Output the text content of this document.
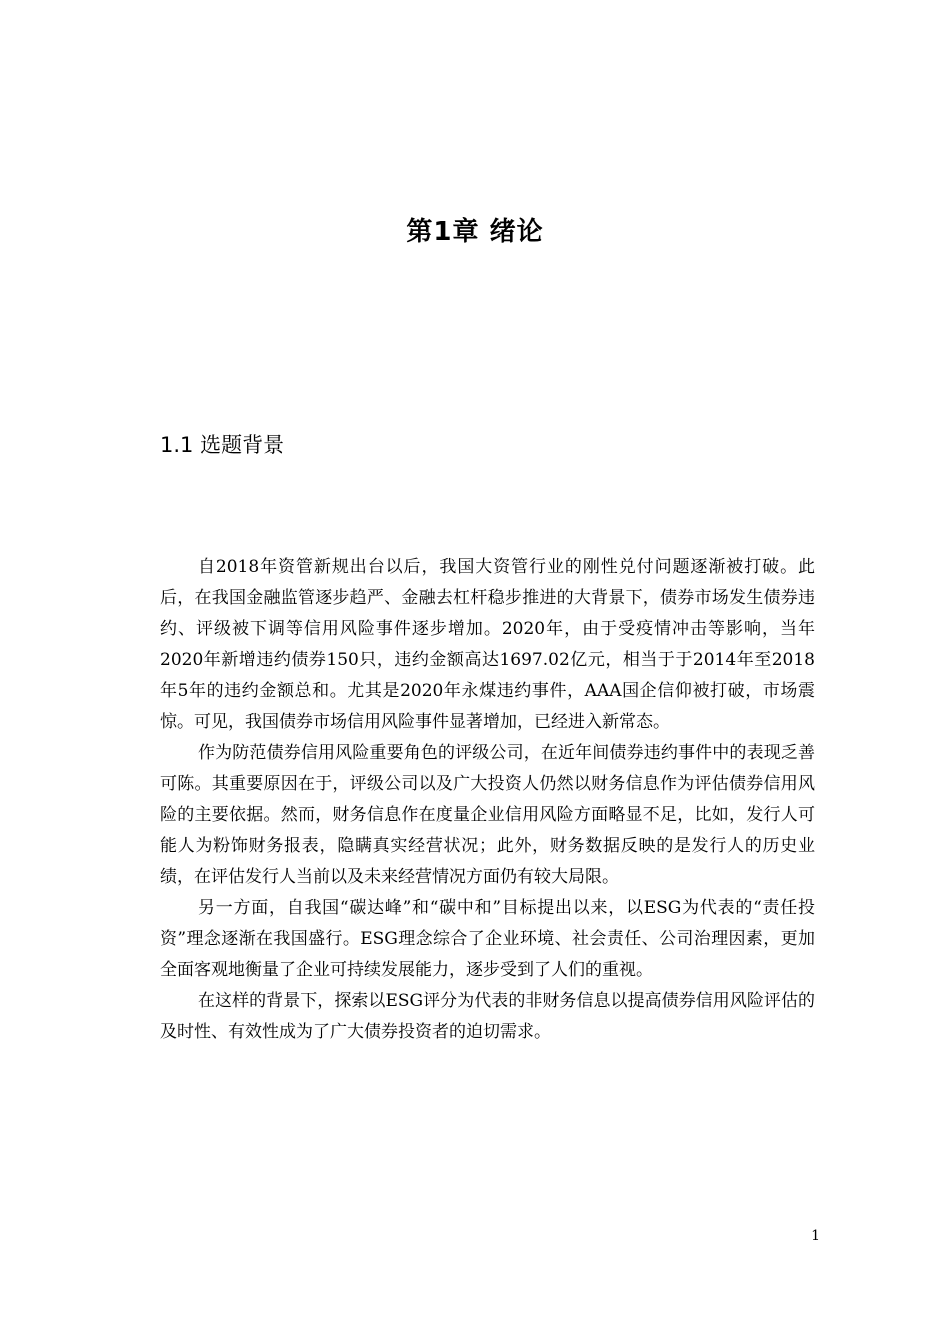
第1章 绪论
1.1 选题背景

自2018年资管新规出台以后，我国大资管行业的刚性兑付问题逐渐被打破。此后，在我国金融监管逐步趋严、金融去杠杆稳步推进的大背景下，债券市场发生债券违约、评级被下调等信用风险事件逐步增加。2020年，由于受疫情冲击等影响，当年2020年新增违约债券150只，违约金额高达1697.02亿元，相当于于2014年至2018年5年的违约金额总和。尤其是2020年永煤违约事件，AAA国企信仰被打破，市场震惊。可见，我国债券市场信用风险事件显著增加，已经进入新常态。

作为防范债券信用风险重要角色的评级公司，在近年间债券违约事件中的表现乏善可陈。其重要原因在于，评级公司以及广大投资人仍然以财务信息作为评估债券信用风险的主要依据。然而，财务信息作在度量企业信用风险方面略显不足，比如，发行人可能人为粉饰财务报表，隐瞒真实经营状况；此外，财务数据反映的是发行人的历史业绩，在评估发行人当前以及未来经营情况方面仍有较大局限。

另一方面，自我国“碳达峰”和“碳中和”目标提出以来，以ESG为代表的“责任投资”理念逐渐在我国盛行。ESG理念综合了企业环境、社会责任、公司治理因素，更加全面客观地衡量了企业可持续发展能力，逐步受到了人们的重视。

在这样的背景下，探索以ESG评分为代表的非财务信息以提高债券信用风险评估的及时性、有效性成为了广大债券投资者的迫切需求。

1
